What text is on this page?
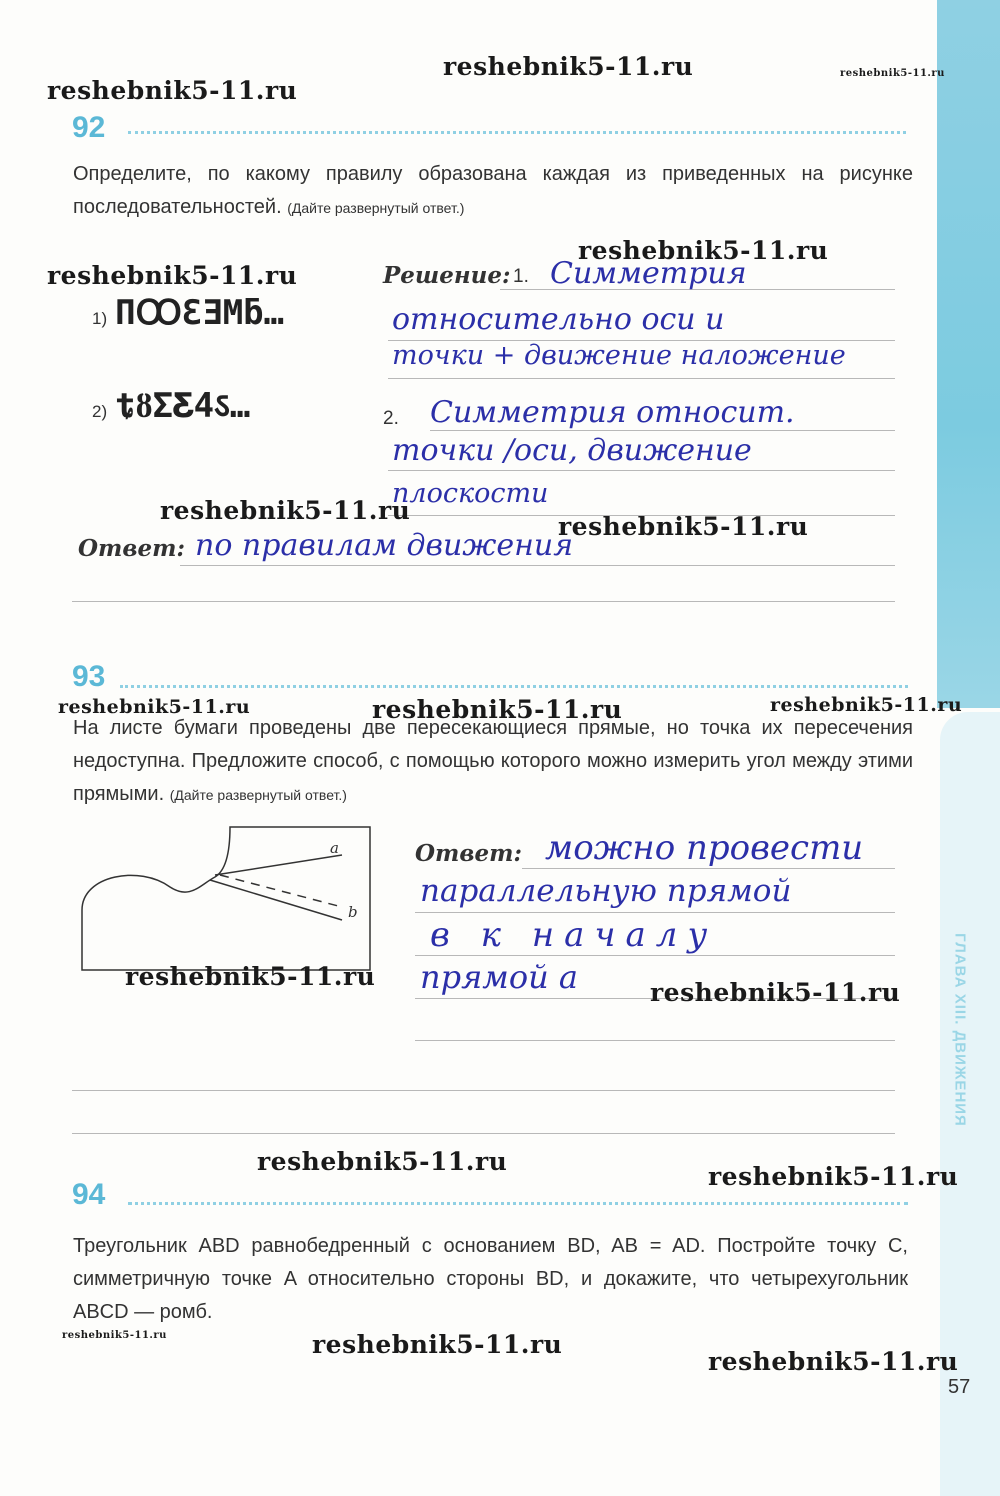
ГЛАВА XIII. ДВИЖЕНИЯ
reshebnik5-11.ru	reshebnik5-11.ru
reshebnik5-11.ru
92
Определите, по какому правилу образована каждая из приведенных на рисунке последовательностей. (Дайте развернутый ответ.)
reshebnik5-11.ru
reshebnik5-11.ru
1) ПꝎƐƎMƃ…
2) ȶȣƩƸ4ऽ…
Решение: 1. Симметрия
относительно оси и
точки + движение наложение
2. Симметрия относит.
точки /оси, движение
плоскости
reshebnik5-11.ru
reshebnik5-11.ru
Ответ: по правилам движения
93
reshebnik5-11.ru	reshebnik5-11.ru	reshebnik5-11.ru
На листе бумаги проведены две пересекающиеся прямые, но точка их пересечения недоступна. Предложите способ, с помощью которого можно измерить угол между этими прямыми. (Дайте развернутый ответ.)
a
b
reshebnik5-11.ru
Ответ: можно провести
параллельную прямой
в к началу
прямой а	reshebnik5-11.ru
reshebnik5-11.ru
reshebnik5-11.ru
94
Треугольник ABD равнобедренный с основанием BD, AB = AD. Постройте точку C, симметричную точке A относительно стороны BD, и докажите, что четырехугольник ABCD — ромб.
reshebnik5-11.ru	reshebnik5-11.ru
reshebnik5-11.ru
57
